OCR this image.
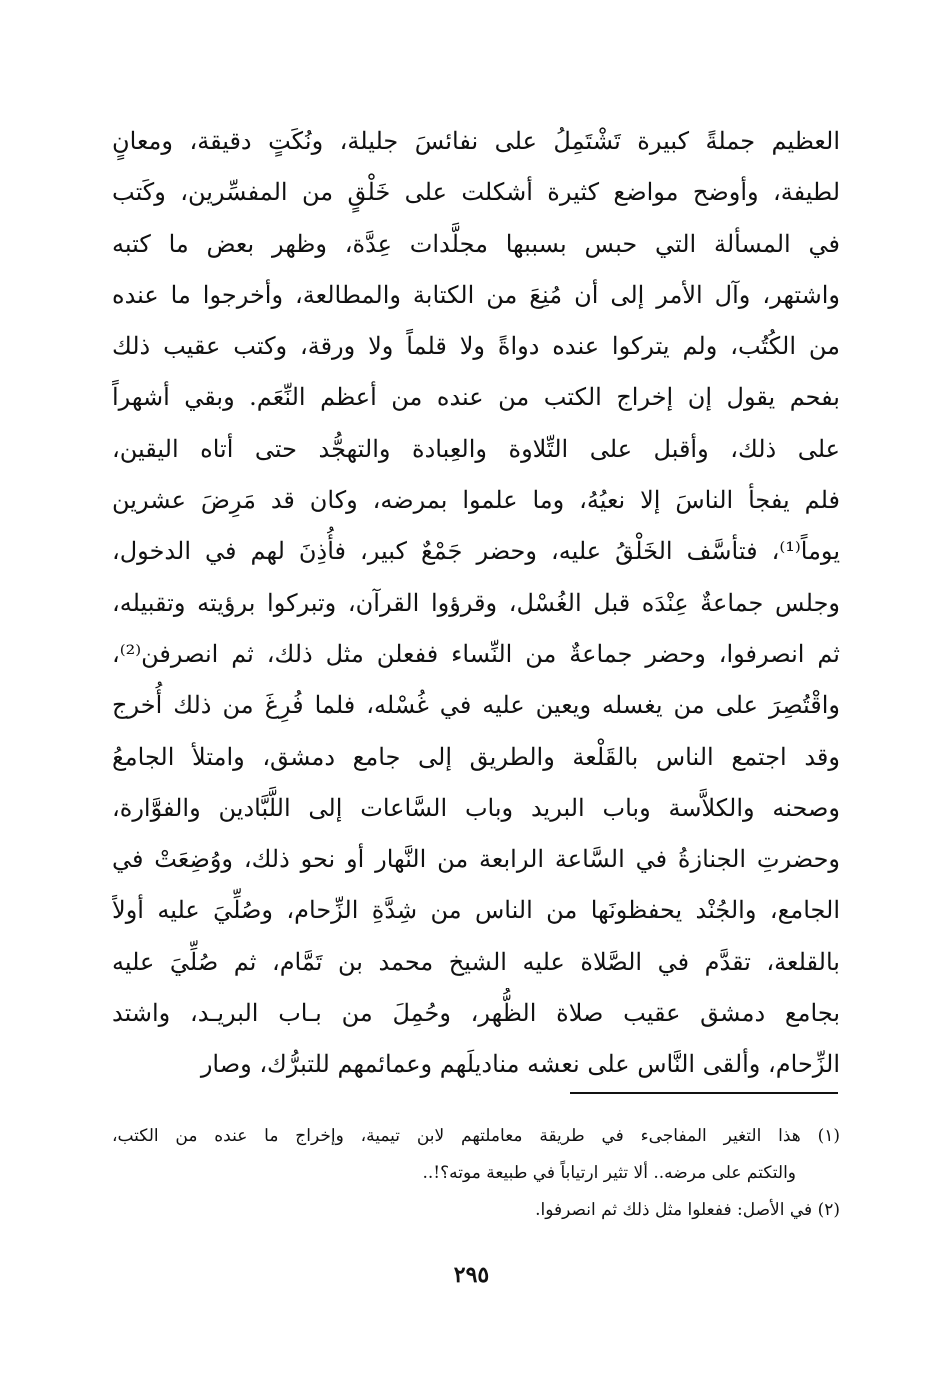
العظيم جملةً كبيرة تَشْتَمِلُ على نفائسَ جليلة، ونُكَتٍ دقيقة، ومعانٍ
لطيفة، وأوضح مواضع كثيرة أشكلت على خَلْقٍ من المفسِّرين، وكَتب
في المسألة التي حبس بسببها مجلَّدات عِدَّة، وظهر بعض ما كتبه
واشتهر، وآل الأمر إلى أن مُنِعَ من الكتابة والمطالعة، وأخرجوا ما عنده
من الكُتُب، ولم يتركوا عنده دواةً ولا قلماً ولا ورقة، وكتب عقيب ذلك
بفحم يقول إن إخراج الكتب من عنده من أعظم النِّعَم. وبقي أشهراً
على ذلك، وأقبل على التِّلاوة والعِبادة والتهجُّد حتى أتاه اليقين،
فلم يفجأ الناسَ إلا نعيُهُ، وما علموا بمرضه، وكان قد مَرِضَ عشرين
يوماً⁽¹⁾، فتأسَّف الخَلْقُ عليه، وحضر جَمْعٌ كبير، فأُذِنَ لهم في الدخول،
وجلس جماعةٌ عِنْدَه قبل الغُسْل، وقرؤوا القرآن، وتبركوا برؤيته وتقبيله،
ثم انصرفوا، وحضر جماعةٌ من النِّساء ففعلن مثل ذلك، ثم انصرفن⁽²⁾،
واقْتُصِرَ على من يغسله ويعين عليه في غُسْله، فلما فُرِغَ من ذلك أُخرج
وقد اجتمع الناس بالقَلْعة والطريق إلى جامع دمشق، وامتلأ الجامعُ
وصحنه والكلاَّسة وباب البريد وباب السَّاعات إلى اللَّبَّادين والفوَّارة،
وحضرتِ الجنازةُ في السَّاعة الرابعة من النَّهار أو نحو ذلك، ووُضِعَتْ في
الجامع، والجُنْد يحفظونَها من الناس من شِدَّةِ الزِّحام، وصُلِّيَ عليه أولاً
بالقلعة، تقدَّم في الصَّلاة عليه الشيخ محمد بن تَمَّام، ثم صُلِّيَ عليه
بجامع دمشق عقيب صلاة الظُّهر، وحُمِلَ من بـاب البريـد، واشتد
الزِّحام، وألقى النَّاس على نعشه مناديلَهم وعمائمهم للتبرُّك، وصار
(١) هذا التغير المفاجىء في طريقة معاملتهم لابن تيمية، وإخراج ما عنده من الكتب،
والتكتم على مرضه.. ألا تثير ارتياباً في طبيعة موته؟!..
(٢) في الأصل: ففعلوا مثل ذلك ثم انصرفوا.
٢٩٥
